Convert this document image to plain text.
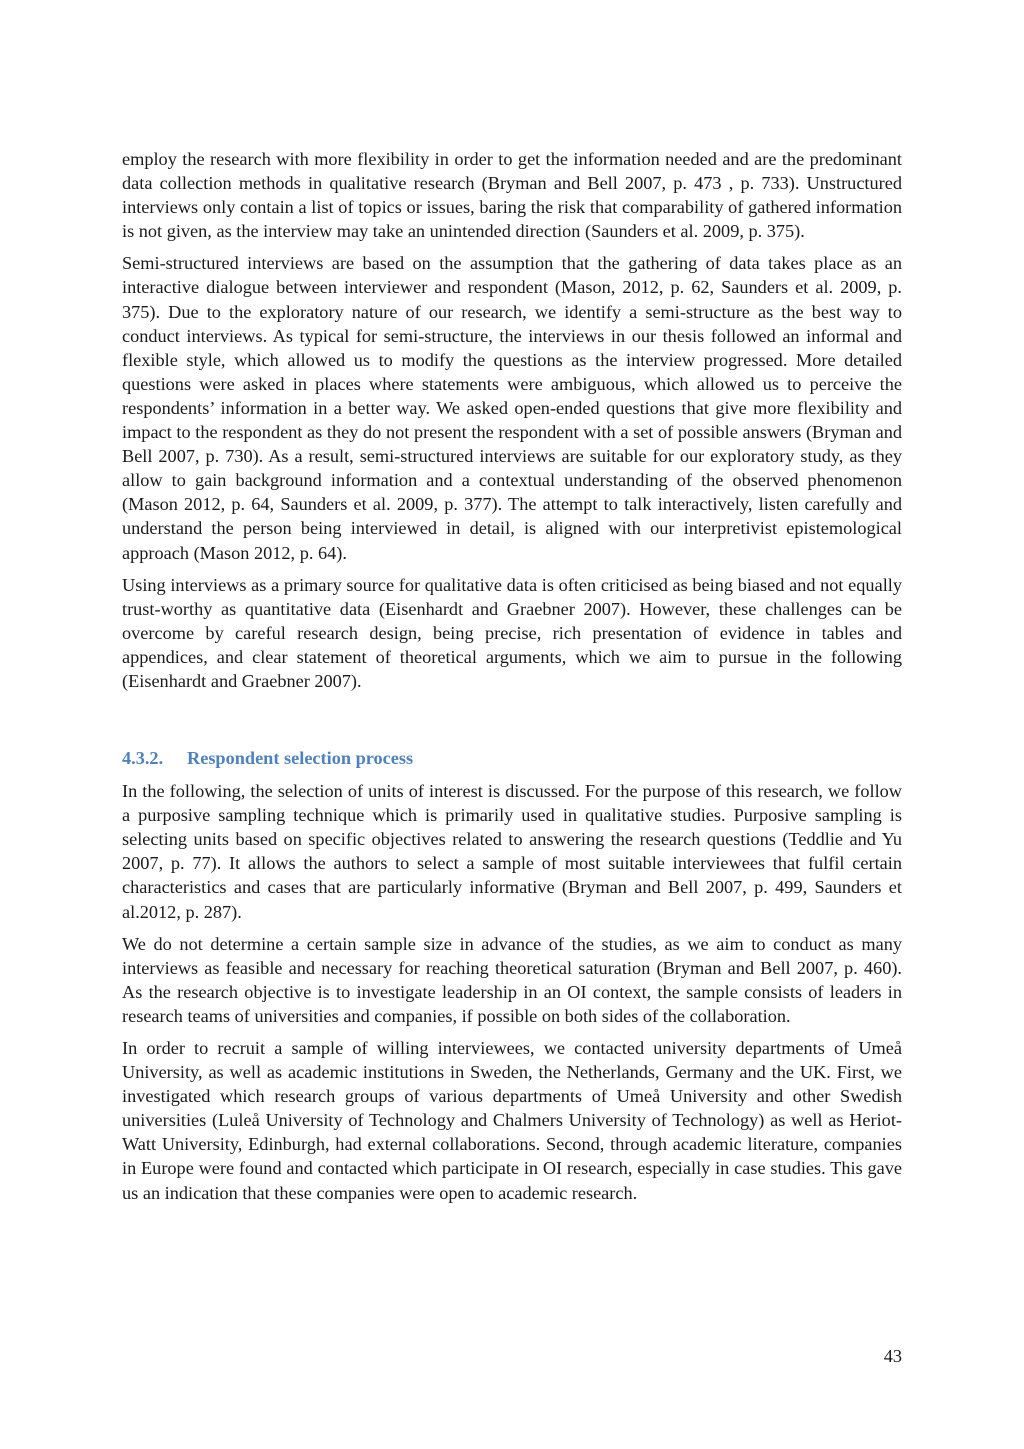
employ the research with more flexibility in order to get the information needed and are the predominant data collection methods in qualitative research (Bryman and Bell 2007, p. 473 , p. 733). Unstructured interviews only contain a list of topics or issues, baring the risk that comparability of gathered information is not given, as the interview may take an unintended direction (Saunders et al. 2009, p. 375).

Semi-structured interviews are based on the assumption that the gathering of data takes place as an interactive dialogue between interviewer and respondent (Mason, 2012, p. 62, Saunders et al. 2009, p. 375). Due to the exploratory nature of our research, we identify a semi-structure as the best way to conduct interviews. As typical for semi-structure, the interviews in our thesis followed an informal and flexible style, which allowed us to modify the questions as the interview progressed. More detailed questions were asked in places where statements were ambiguous, which allowed us to perceive the respondents’ information in a better way. We asked open-ended questions that give more flexibility and impact to the respondent as they do not present the respondent with a set of possible answers (Bryman and Bell 2007, p. 730). As a result, semi-structured interviews are suitable for our exploratory study, as they allow to gain background information and a contextual understanding of the observed phenomenon (Mason 2012, p. 64, Saunders et al. 2009, p. 377). The attempt to talk interactively, listen carefully and understand the person being interviewed in detail, is aligned with our interpretivist epistemological approach (Mason 2012, p. 64).

Using interviews as a primary source for qualitative data is often criticised as being biased and not equally trust-worthy as quantitative data (Eisenhardt and Graebner 2007). However, these challenges can be overcome by careful research design, being precise, rich presentation of evidence in tables and appendices, and clear statement of theoretical arguments, which we aim to pursue in the following (Eisenhardt and Graebner 2007).

4.3.2. Respondent selection process

In the following, the selection of units of interest is discussed. For the purpose of this research, we follow a purposive sampling technique which is primarily used in qualitative studies. Purposive sampling is selecting units based on specific objectives related to answering the research questions (Teddlie and Yu 2007, p. 77). It allows the authors to select a sample of most suitable interviewees that fulfil certain characteristics and cases that are particularly informative (Bryman and Bell 2007, p. 499, Saunders et al.2012, p. 287).

We do not determine a certain sample size in advance of the studies, as we aim to conduct as many interviews as feasible and necessary for reaching theoretical saturation (Bryman and Bell 2007, p. 460). As the research objective is to investigate leadership in an OI context, the sample consists of leaders in research teams of universities and companies, if possible on both sides of the collaboration.

In order to recruit a sample of willing interviewees, we contacted university departments of Umeå University, as well as academic institutions in Sweden, the Netherlands, Germany and the UK. First, we investigated which research groups of various departments of Umeå University and other Swedish universities (Luleå University of Technology and Chalmers University of Technology) as well as Heriot-Watt University, Edinburgh, had external collaborations. Second, through academic literature, companies in Europe were found and contacted which participate in OI research, especially in case studies. This gave us an indication that these companies were open to academic research.

43
